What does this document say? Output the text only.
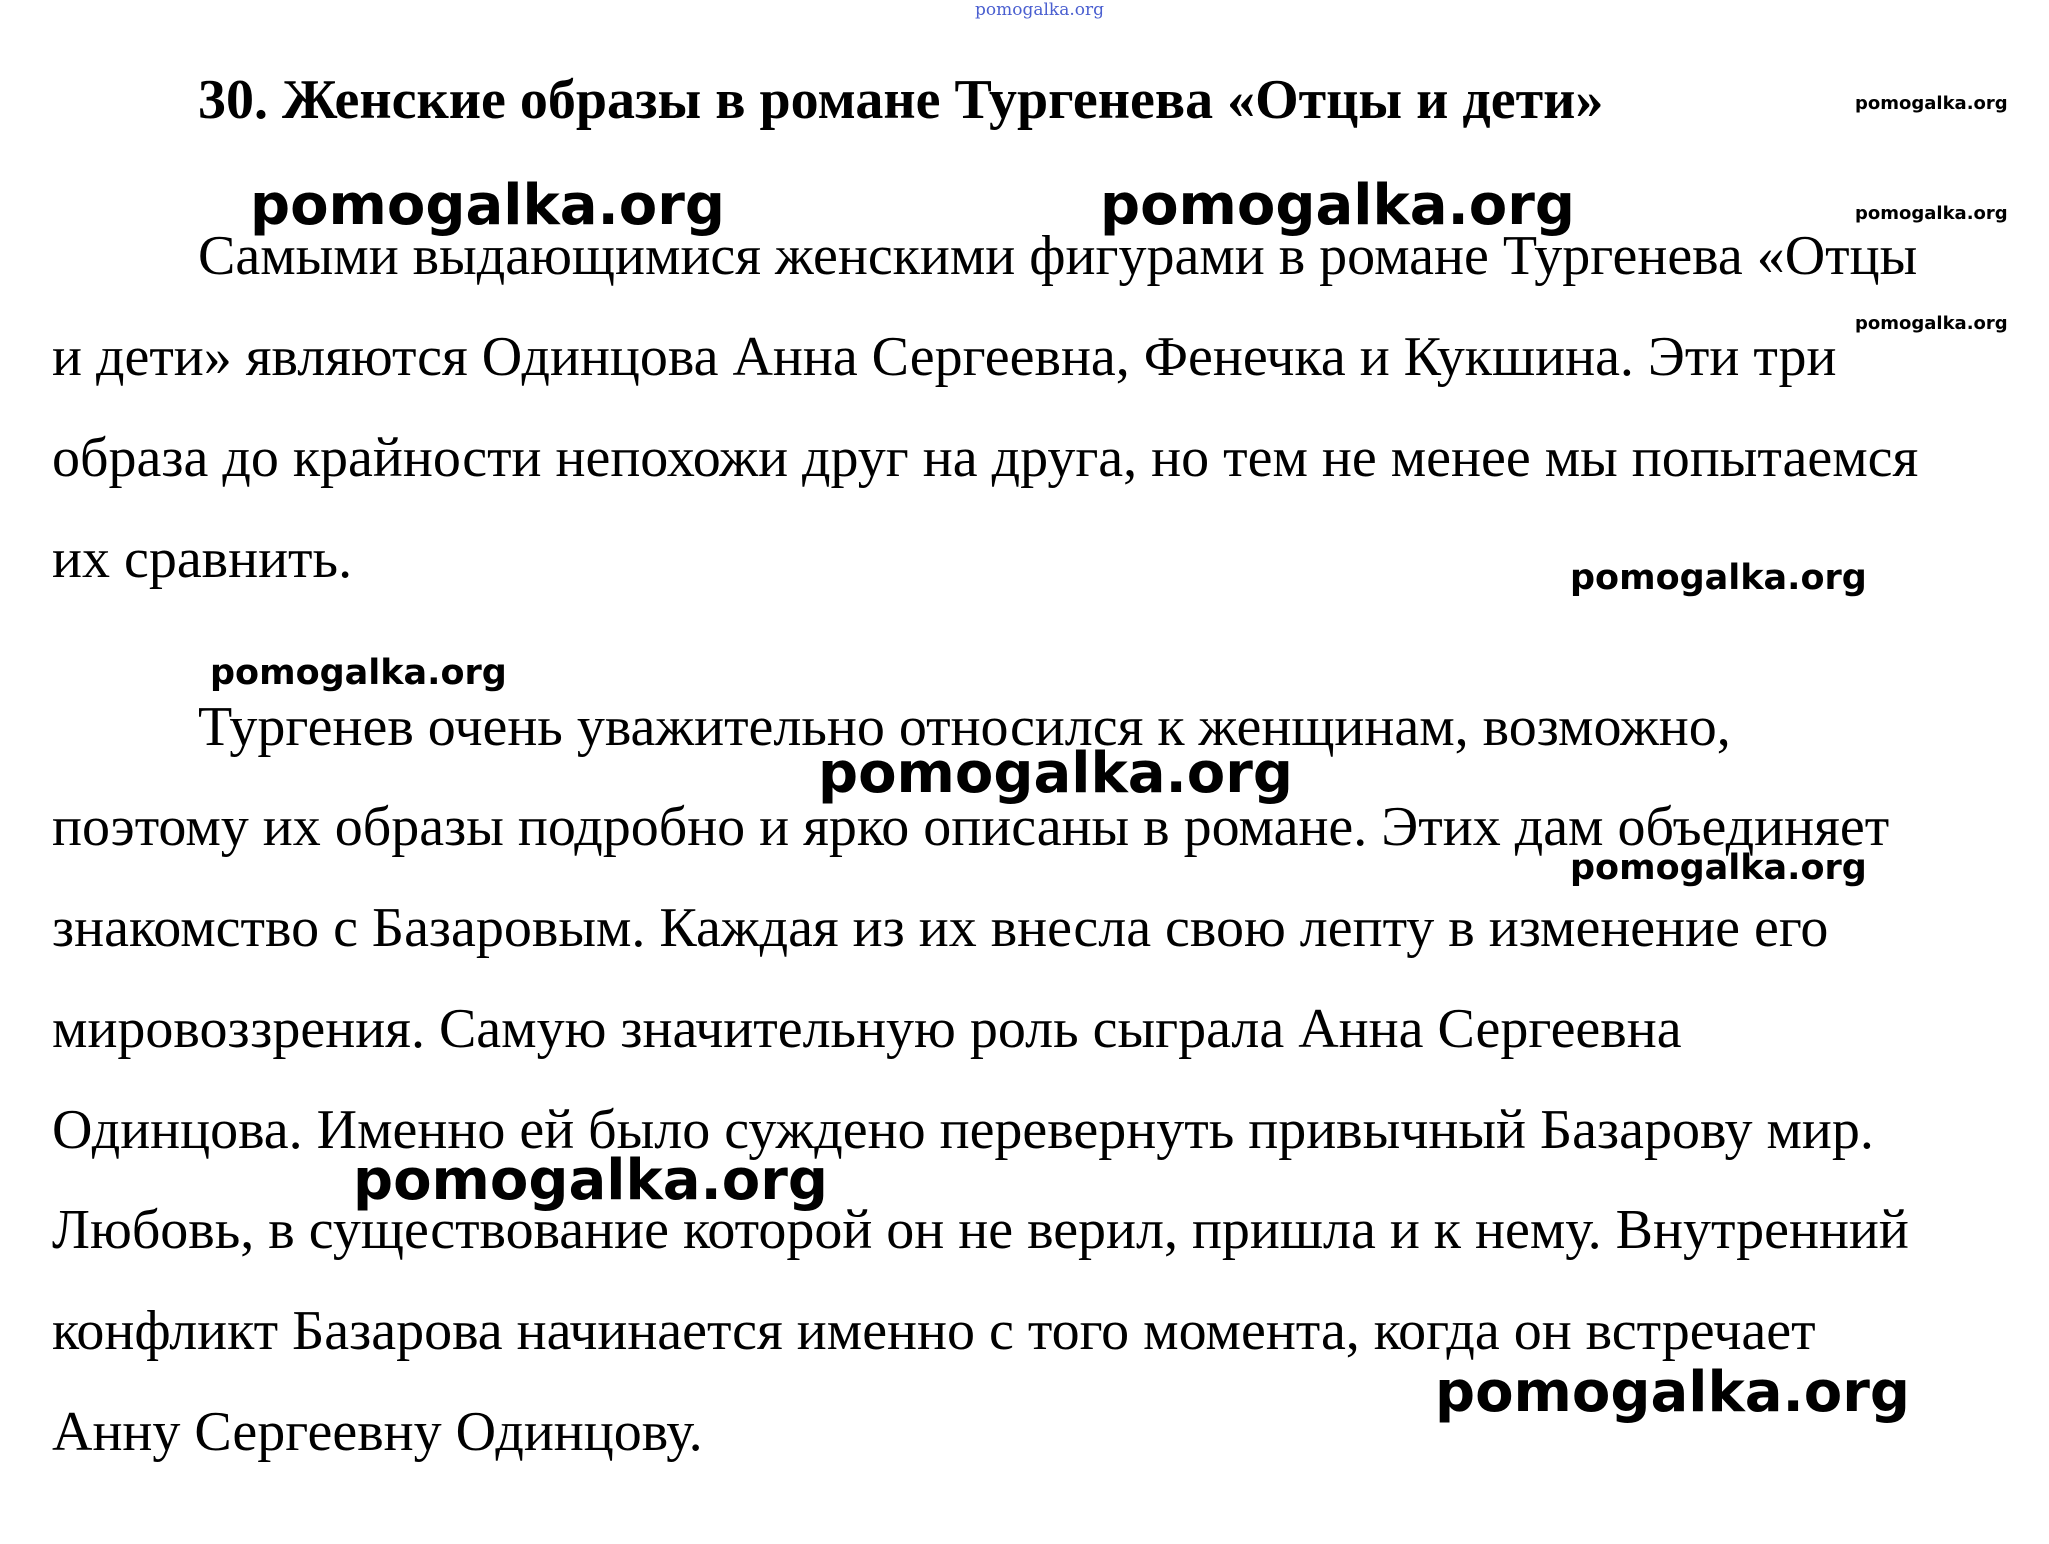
pomogalka.org
30. Женские образы в романе Тургенева «Отцы и дети»
Самыми выдающимися женскими фигурами в романе Тургенева «Отцы
и дети» являются Одинцова Анна Сергеевна, Фенечка и Кукшина. Эти три
образа до крайности непохожи друг на друга, но тем не менее мы попытаемся
их сравнить.
Тургенев очень уважительно относился к женщинам, возможно,
поэтому их образы подробно и ярко описаны в романе. Этих дам объединяет
знакомство с Базаровым. Каждая из их внесла свою лепту в изменение его
мировоззрения. Самую значительную роль сыграла Анна Сергеевна
Одинцова. Именно ей было суждено перевернуть привычный Базарову мир.
Любовь, в существование которой он не верил, пришла и к нему. Внутренний
конфликт Базарова начинается именно с того момента, когда он встречает
Анну Сергеевну Одинцову.
pomogalka.org
pomogalka.org	pomogalka.org	pomogalka.org
pomogalka.org
pomogalka.org
pomogalka.org
pomogalka.org
pomogalka.org
pomogalka.org
pomogalka.org
